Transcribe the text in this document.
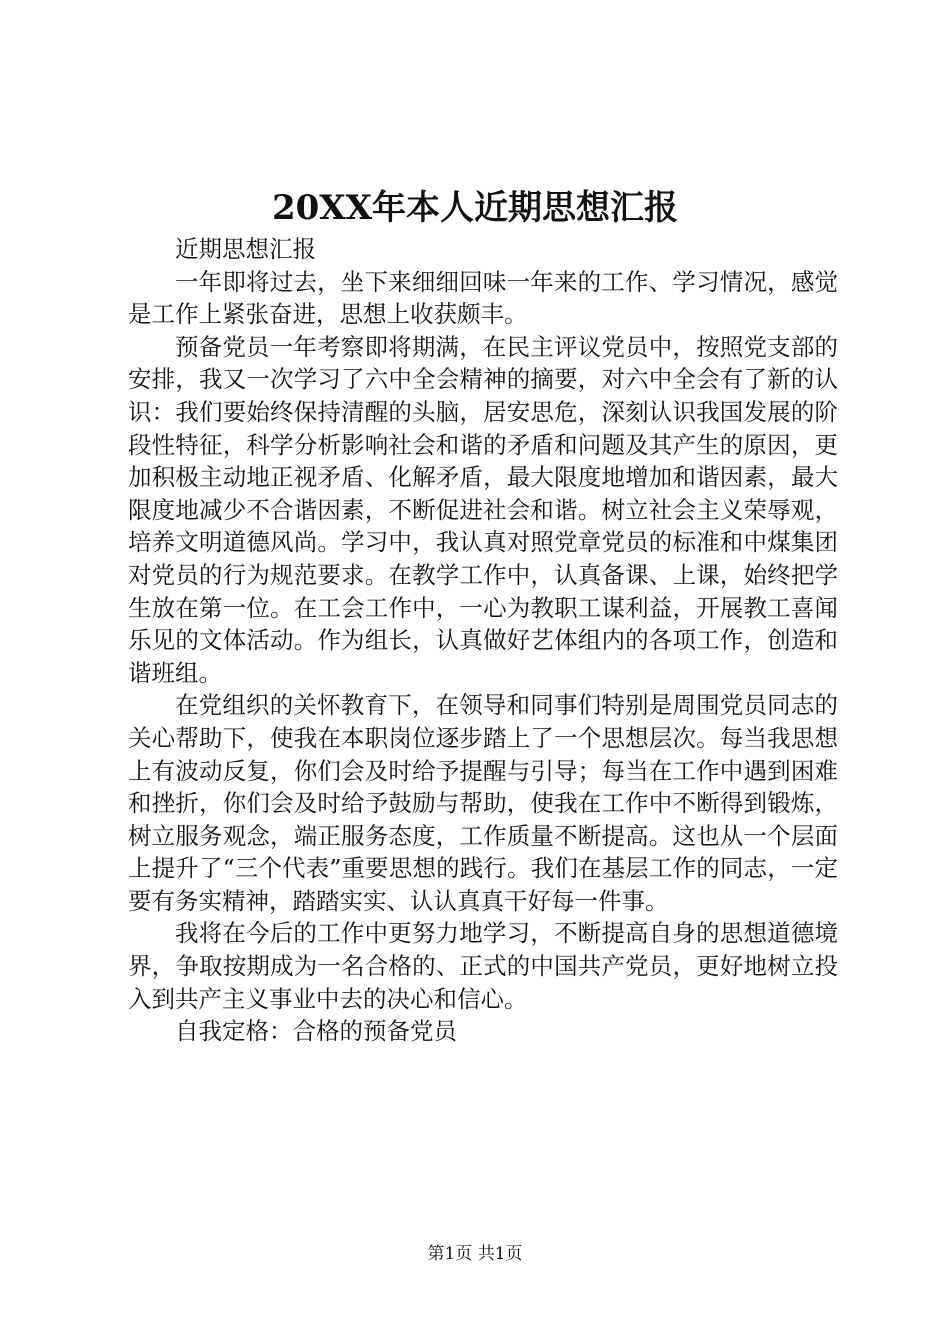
20XX年本人近期思想汇报

近期思想汇报

一年即将过去，坐下来细细回味一年来的工作、学习情况，感觉是工作上紧张奋进，思想上收获颇丰。

预备党员一年考察即将期满，在民主评议党员中，按照党支部的安排，我又一次学习了六中全会精神的摘要，对六中全会有了新的认识：我们要始终保持清醒的头脑，居安思危，深刻认识我国发展的阶段性特征，科学分析影响社会和谐的矛盾和问题及其产生的原因，更加积极主动地正视矛盾、化解矛盾，最大限度地增加和谐因素，最大限度地减少不合谐因素，不断促进社会和谐。树立社会主义荣辱观，培养文明道德风尚。学习中，我认真对照党章党员的标准和中煤集团对党员的行为规范要求。在教学工作中，认真备课、上课，始终把学生放在第一位。在工会工作中，一心为教职工谋利益，开展教工喜闻乐见的文体活动。作为组长，认真做好艺体组内的各项工作，创造和谐班组。

在党组织的关怀教育下，在领导和同事们特别是周围党员同志的关心帮助下，使我在本职岗位逐步踏上了一个思想层次。每当我思想上有波动反复，你们会及时给予提醒与引导；每当在工作中遇到困难和挫折，你们会及时给予鼓励与帮助，使我在工作中不断得到锻炼，树立服务观念，端正服务态度，工作质量不断提高。这也从一个层面上提升了“三个代表”重要思想的践行。我们在基层工作的同志，一定要有务实精神，踏踏实实、认认真真干好每一件事。

我将在今后的工作中更努力地学习，不断提高自身的思想道德境界，争取按期成为一名合格的、正式的中国共产党员，更好地树立投入到共产主义事业中去的决心和信心。

自我定格：合格的预备党员

第1页 共1页
